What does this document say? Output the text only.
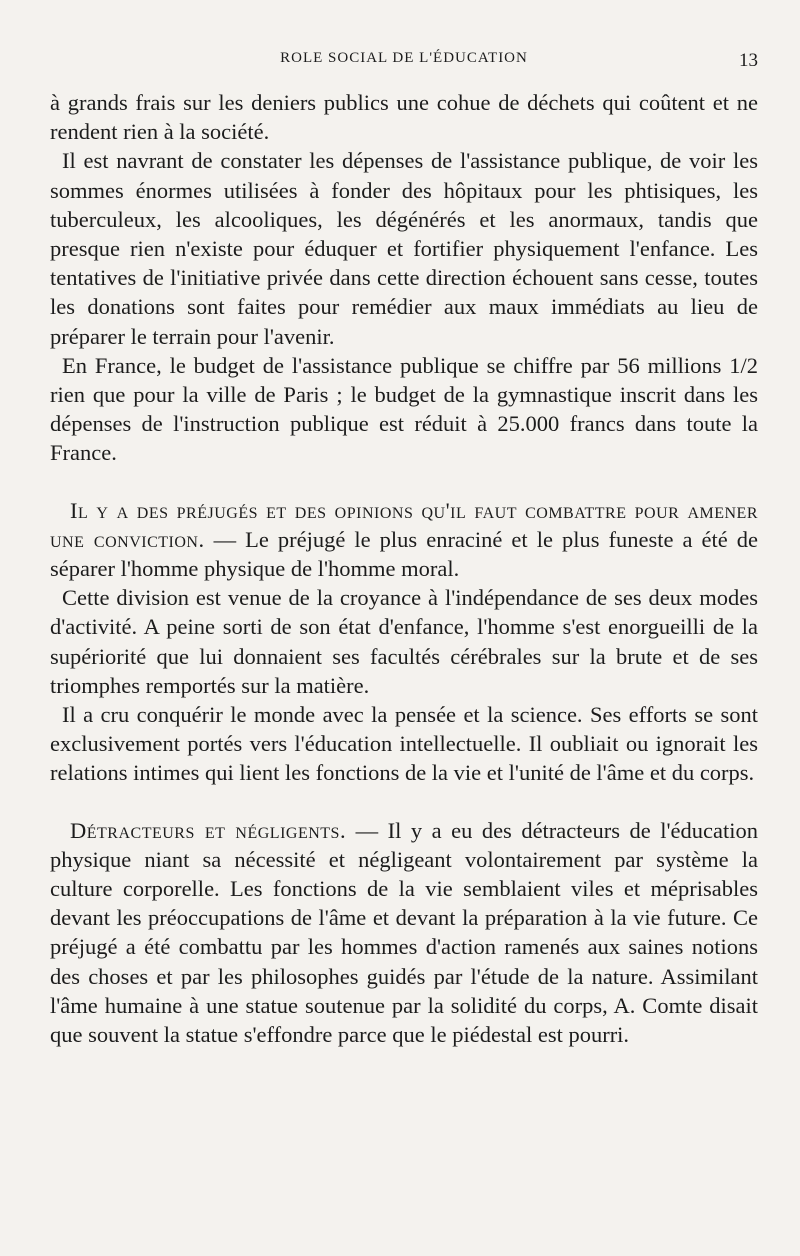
ROLE SOCIAL DE L'ÉDUCATION	13

à grands frais sur les deniers publics une cohue de déchets qui coûtent et ne rendent rien à la société.

Il est navrant de constater les dépenses de l'assistance publique, de voir les sommes énormes utilisées à fonder des hôpitaux pour les phtisiques, les tuberculeux, les alcooliques, les dégénérés et les anormaux, tandis que presque rien n'existe pour éduquer et fortifier physiquement l'enfance. Les tentatives de l'initiative privée dans cette direction échouent sans cesse, toutes les donations sont faites pour remédier aux maux immédiats au lieu de préparer le terrain pour l'avenir.

En France, le budget de l'assistance publique se chiffre par 56 millions 1/2 rien que pour la ville de Paris ; le budget de la gymnastique inscrit dans les dépenses de l'instruction publique est réduit à 25.000 francs dans toute la France.

Il y a des préjugés et des opinions qu'il faut combattre pour amener une conviction. — Le préjugé le plus enraciné et le plus funeste a été de séparer l'homme physique de l'homme moral.

Cette division est venue de la croyance à l'indépendance de ses deux modes d'activité. A peine sorti de son état d'enfance, l'homme s'est enorgueilli de la supériorité que lui donnaient ses facultés cérébrales sur la brute et de ses triomphes remportés sur la matière.

Il a cru conquérir le monde avec la pensée et la science. Ses efforts se sont exclusivement portés vers l'éducation intellectuelle. Il oubliait ou ignorait les relations intimes qui lient les fonctions de la vie et l'unité de l'âme et du corps.

Détracteurs et négligents. — Il y a eu des détracteurs de l'éducation physique niant sa nécessité et négligeant volontairement par système la culture corporelle. Les fonctions de la vie semblaient viles et méprisables devant les préoccupations de l'âme et devant la préparation à la vie future. Ce préjugé a été combattu par les hommes d'action ramenés aux saines notions des choses et par les philosophes guidés par l'étude de la nature. Assimilant l'âme humaine à une statue soutenue par la solidité du corps, A. Comte disait que souvent la statue s'effondre parce que le piédestal est pourri.
